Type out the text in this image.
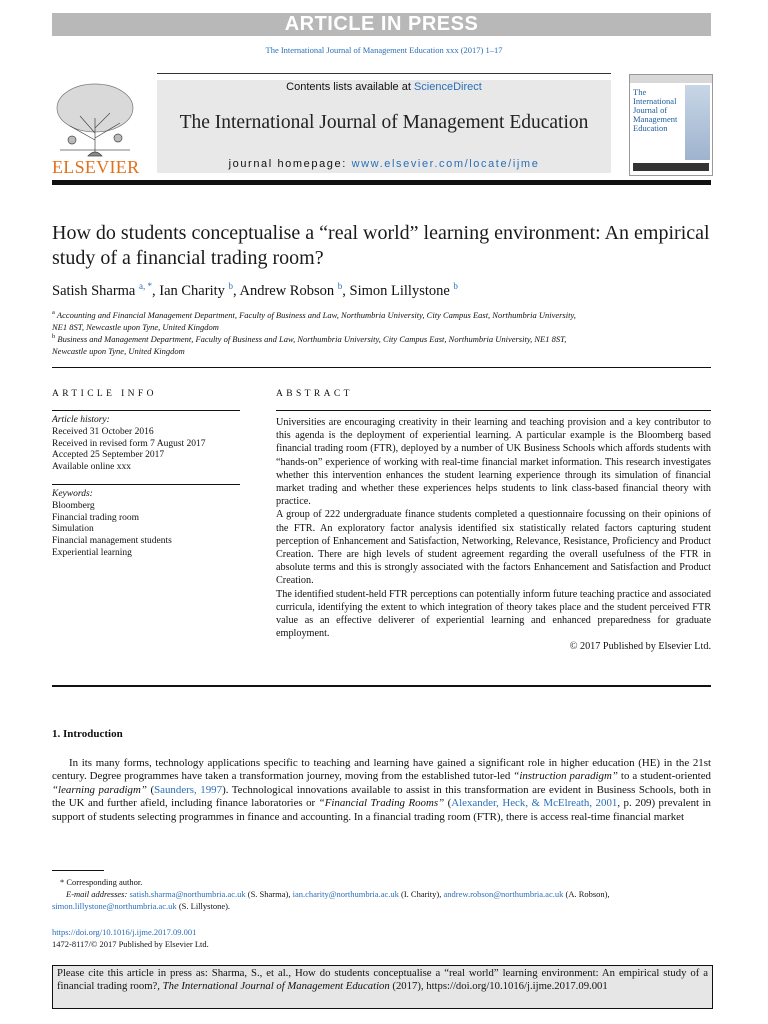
ARTICLE IN PRESS
The International Journal of Management Education xxx (2017) 1–17
ELSEVIER
Contents lists available at ScienceDirect
The International Journal of Management Education
journal homepage: www.elsevier.com/locate/ijme
The International Journal of Management Education
How do students conceptualise a “real world” learning environment: An empirical study of a financial trading room?
Satish Sharma $^{a, *}$, Ian Charity $^b$, Andrew Robson $^b$, Simon Lillystone $^b$
$^a$ Accounting and Financial Management Department, Faculty of Business and Law, Northumbria University, City Campus East, Northumbria University, NE1 8ST, Newcastle upon Tyne, United Kingdom
$^b$ Business and Management Department, Faculty of Business and Law, Northumbria University, City Campus East, Northumbria University, NE1 8ST, Newcastle upon Tyne, United Kingdom
ARTICLE INFO	ABSTRACT
Article history:
Received 31 October 2016
Received in revised form 7 August 2017
Accepted 25 September 2017
Available online xxx
Keywords:
Bloomberg
Financial trading room
Simulation
Financial management students
Experiential learning

Universities are encouraging creativity in their learning and teaching provision and a key contributor to this agenda is the deployment of experiential learning. A particular example is the Bloomberg based financial trading room (FTR), deployed by a number of UK Business Schools which affords students with “hands-on” experience of working with real-time financial market information. This research investigates whether this intervention enhances the student learning experience through its simulation of financial market trading and whether these experiences helps students to link class-based financial theory with practice.

A group of 222 undergraduate finance students completed a questionnaire focussing on their opinions of the FTR. An exploratory factor analysis identified six statistically related factors capturing student perception of Enhancement and Satisfaction, Networking, Relevance, Resistance, Proficiency and Product Creation. There are high levels of student agreement regarding the overall usefulness of the FTR in absolute terms and this is strongly associated with the factors Enhancement and Satisfaction and Product Creation.

The identified student-held FTR perceptions can potentially inform future teaching practice and associated curricula, identifying the extent to which integration of theory takes place and the student perceived FTR value as an effective deliverer of experiential learning and enhanced preparedness for graduate employment.

© 2017 Published by Elsevier Ltd.

1. Introduction

In its many forms, technology applications specific to teaching and learning have gained a significant role in higher education (HE) in the 21st century. Degree programmes have taken a transformation journey, moving from the established tutor-led “instruction paradigm” to a student-oriented “learning paradigm” (Saunders, 1997). Technological innovations available to assist in this transformation are evident in Business Schools, both in the UK and further afield, including finance laboratories or “Financial Trading Rooms” (Alexander, Heck, & McElreath, 2001, p. 209) prevalent in support of students selecting programmes in finance and accounting. In a financial trading room (FTR), there is access real-time financial market

* Corresponding author.
E-mail addresses: satish.sharma@northumbria.ac.uk (S. Sharma), ian.charity@northumbria.ac.uk (I. Charity), andrew.robson@northumbria.ac.uk (A. Robson), simon.lillystone@northumbria.ac.uk (S. Lillystone).
https://doi.org/10.1016/j.ijme.2017.09.001
1472-8117/© 2017 Published by Elsevier Ltd.
Please cite this article in press as: Sharma, S., et al., How do students conceptualise a “real world” learning environment: An empirical study of a financial trading room?, The International Journal of Management Education (2017), https://doi.org/10.1016/j.ijme.2017.09.001
